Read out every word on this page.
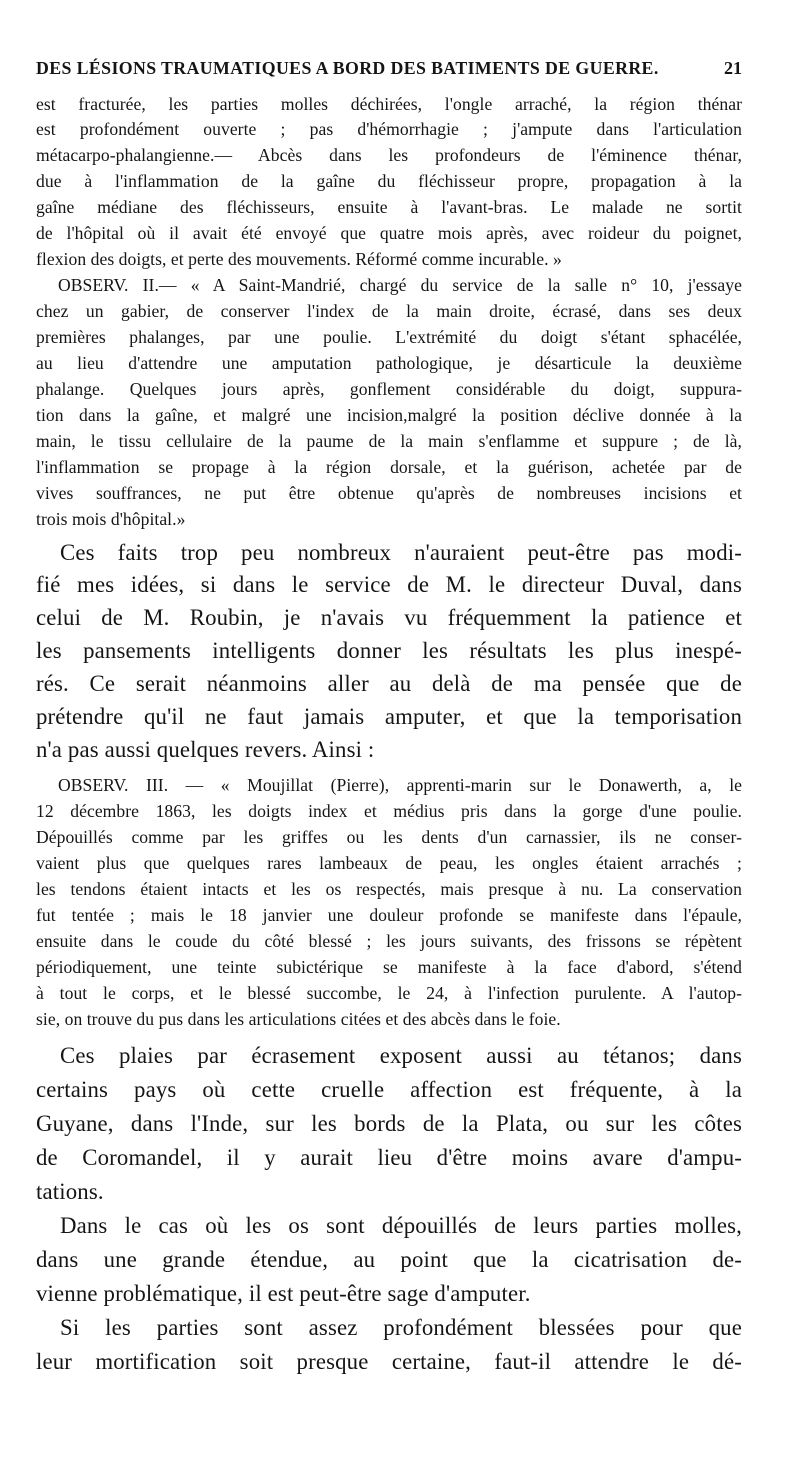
DES LÉSIONS TRAUMATIQUES A BORD DES BATIMENTS DE GUERRE.	21
est fracturée, les parties molles déchirées, l'ongle arraché, la région thénar
est profondément ouverte ; pas d'hémorrhagie ; j'ampute dans l'articulation
métacarpo-phalangienne.— Abcès dans les profondeurs de l'éminence thénar,
due à l'inflammation de la gaîne du fléchisseur propre, propagation à la
gaîne médiane des fléchisseurs, ensuite à l'avant-bras. Le malade ne sortit
de l'hôpital où il avait été envoyé que quatre mois après, avec roideur du poignet,
flexion des doigts, et perte des mouvements. Réformé comme incurable. »
OBSERV. II.— « A Saint-Mandrié, chargé du service de la salle n° 10, j'essaye
chez un gabier, de conserver l'index de la main droite, écrasé, dans ses deux
premières phalanges, par une poulie. L'extrémité du doigt s'étant sphacélée,
au lieu d'attendre une amputation pathologique, je désarticule la deuxième
phalange. Quelques jours après, gonflement considérable du doigt, suppura-
tion dans la gaîne, et malgré une incision,malgré la position déclive donnée à la
main, le tissu cellulaire de la paume de la main s'enflamme et suppure ; de là,
l'inflammation se propage à la région dorsale, et la guérison, achetée par de
vives souffrances, ne put être obtenue qu'après de nombreuses incisions et
trois mois d'hôpital.»
Ces faits trop peu nombreux n'auraient peut-être pas modi-
fié mes idées, si dans le service de M. le directeur Duval, dans
celui de M. Roubin, je n'avais vu fréquemment la patience et
les pansements intelligents donner les résultats les plus inespé-
rés. Ce serait néanmoins aller au delà de ma pensée que de
prétendre qu'il ne faut jamais amputer, et que la temporisation
n'a pas aussi quelques revers. Ainsi :
OBSERV. III. — « Moujillat (Pierre), apprenti-marin sur le Donawerth, a, le
12 décembre 1863, les doigts index et médius pris dans la gorge d'une poulie.
Dépouillés comme par les griffes ou les dents d'un carnassier, ils ne conser-
vaient plus que quelques rares lambeaux de peau, les ongles étaient arrachés ;
les tendons étaient intacts et les os respectés, mais presque à nu. La conservation
fut tentée ; mais le 18 janvier une douleur profonde se manifeste dans l'épaule,
ensuite dans le coude du côté blessé ; les jours suivants, des frissons se répètent
périodiquement, une teinte subictérique se manifeste à la face d'abord, s'étend
à tout le corps, et le blessé succombe, le 24, à l'infection purulente. A l'autop-
sie, on trouve du pus dans les articulations citées et des abcès dans le foie.
Ces plaies par écrasement exposent aussi au tétanos; dans
certains pays où cette cruelle affection est fréquente, à la
Guyane, dans l'Inde, sur les bords de la Plata, ou sur les côtes
de Coromandel, il y aurait lieu d'être moins avare d'ampu-
tations.
Dans le cas où les os sont dépouillés de leurs parties molles,
dans une grande étendue, au point que la cicatrisation de-
vienne problématique, il est peut-être sage d'amputer.
Si les parties sont assez profondément blessées pour que
leur mortification soit presque certaine, faut-il attendre le dé-
